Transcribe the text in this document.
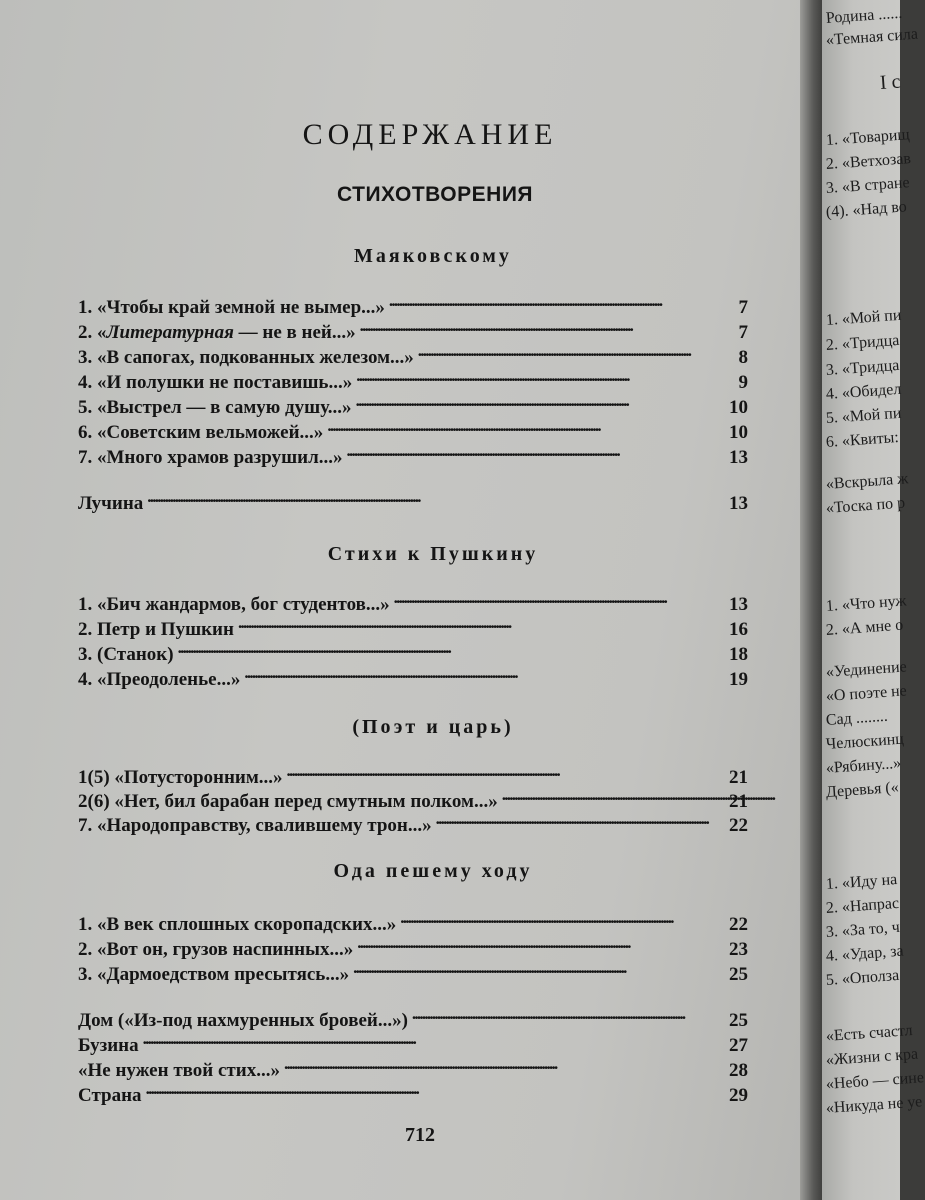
СОДЕРЖАНИЕ
СТИХОТВОРЕНИЯ
Маяковскому
1. «Чтобы край земной не вымер...» . . .	7
2. «Литературная — не в ней...» . . .	7
3. «В сапогах, подкованных железом...» . . .	8
4. «И полушки не поставишь...» . . .	9
5. «Выстрел — в самую душу...» . . .	10
6. «Советским вельможей...» . . .	10
7. «Много храмов разрушил...» . . .	13
Лучина . . .	13
Стихи к Пушкину
1. «Бич жандармов, бог студентов...» . . .	13
2. Петр и Пушкин . . .	16
3. (Станок) . . .	18
4. «Преодоленье...» . . .	19
(Поэт и царь)
1(5) «Потусторонним...» . . .	21
2(6) «Нет, бил барабан перед смутным полком...» . . .	21
7. «Народоправству, свалившему трон...» . . .	22
Ода пешему ходу
1. «В век сплошных скоропадских...» . . .	22
2. «Вот он, грузов наспинных...» . . .	23
3. «Дармоедством пресытясь...» . . .	25
Дом («Из-под нахмуренных бровей...») . . .	25
Бузина . . .	27
«Не нужен твой стих...» . . .	28
Страна . . .	29
712
Родина ......
«Темная сила
I с
1. «Товарищ
2. «Ветхозав
3. «В стране
(4). «Над во
1. «Мой пи
2. «Тридца
3. «Тридца
4. «Обидел
5. «Мой пи
6. «Квиты:
«Вскрыла ж
«Тоска по р
1. «Что нуж
2. «А мне о
«Уединение
«О поэте не
Сад ........
Челюскинц
«Рябину...»
Деревья («
1. «Иду на
2. «Напрас
3. «За то, ч
4. «Удар, за
5. «Ополза
«Есть счастл
«Жизни с кра
«Небо — сине
«Никуда не уе
